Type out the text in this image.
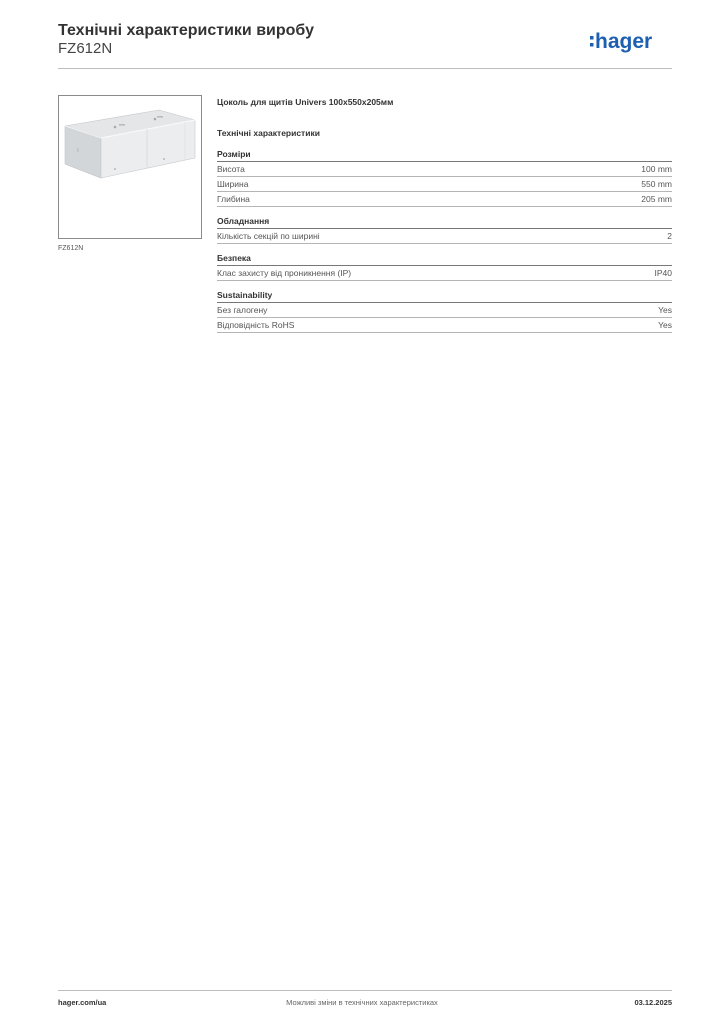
Технічні характеристики виробу
FZ612N	hager
FZ612N
Цоколь для щитів Univers 100x550x205мм
Технічні характеристики
Розміри
Висота	100 mm
Ширина	550 mm
Глибина	205 mm
Обладнання
Кількість секцій по ширині	2
Безпека
Клас захисту від проникнення (IP)	IP40
Sustainability
Без галогену	Yes
Відповідність RoHS	Yes
Можливі зміни в технічних характеристиках
hager.com/ua	03.12.2025
